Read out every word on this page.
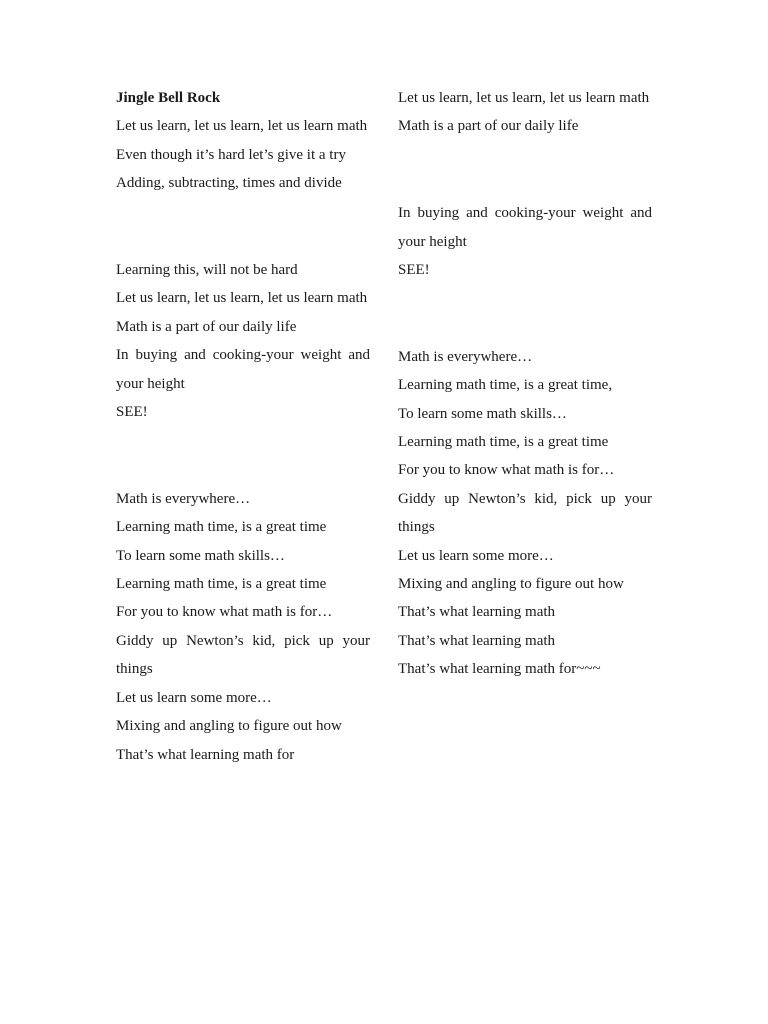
Jingle Bell Rock

Let us learn, let us learn, let us learn math

Even though it’s hard let’s give it a try

Adding, subtracting, times and divide

Learning this, will not be hard

Let us learn, let us learn, let us learn math

Math is a part of our daily life

In buying and cooking-your weight and your height

SEE!

Math is everywhere…

Learning math time, is a great time

To learn some math skills…

Learning math time, is a great time

For you to know what math is for…

Giddy up Newton’s kid, pick up your things

Let us learn some more…

Mixing and angling to figure out how

That’s what learning math for

Let us learn, let us learn, let us learn math

Math is a part of our daily life

In buying and cooking-your weight and your height

SEE!

Math is everywhere…

Learning math time, is a great time,

To learn some math skills…

Learning math time, is a great time

For you to know what math is for…

Giddy up Newton’s kid, pick up your things

Let us learn some more…

Mixing and angling to figure out how

That’s what learning math

That’s what learning math

That’s what learning math for~~~
